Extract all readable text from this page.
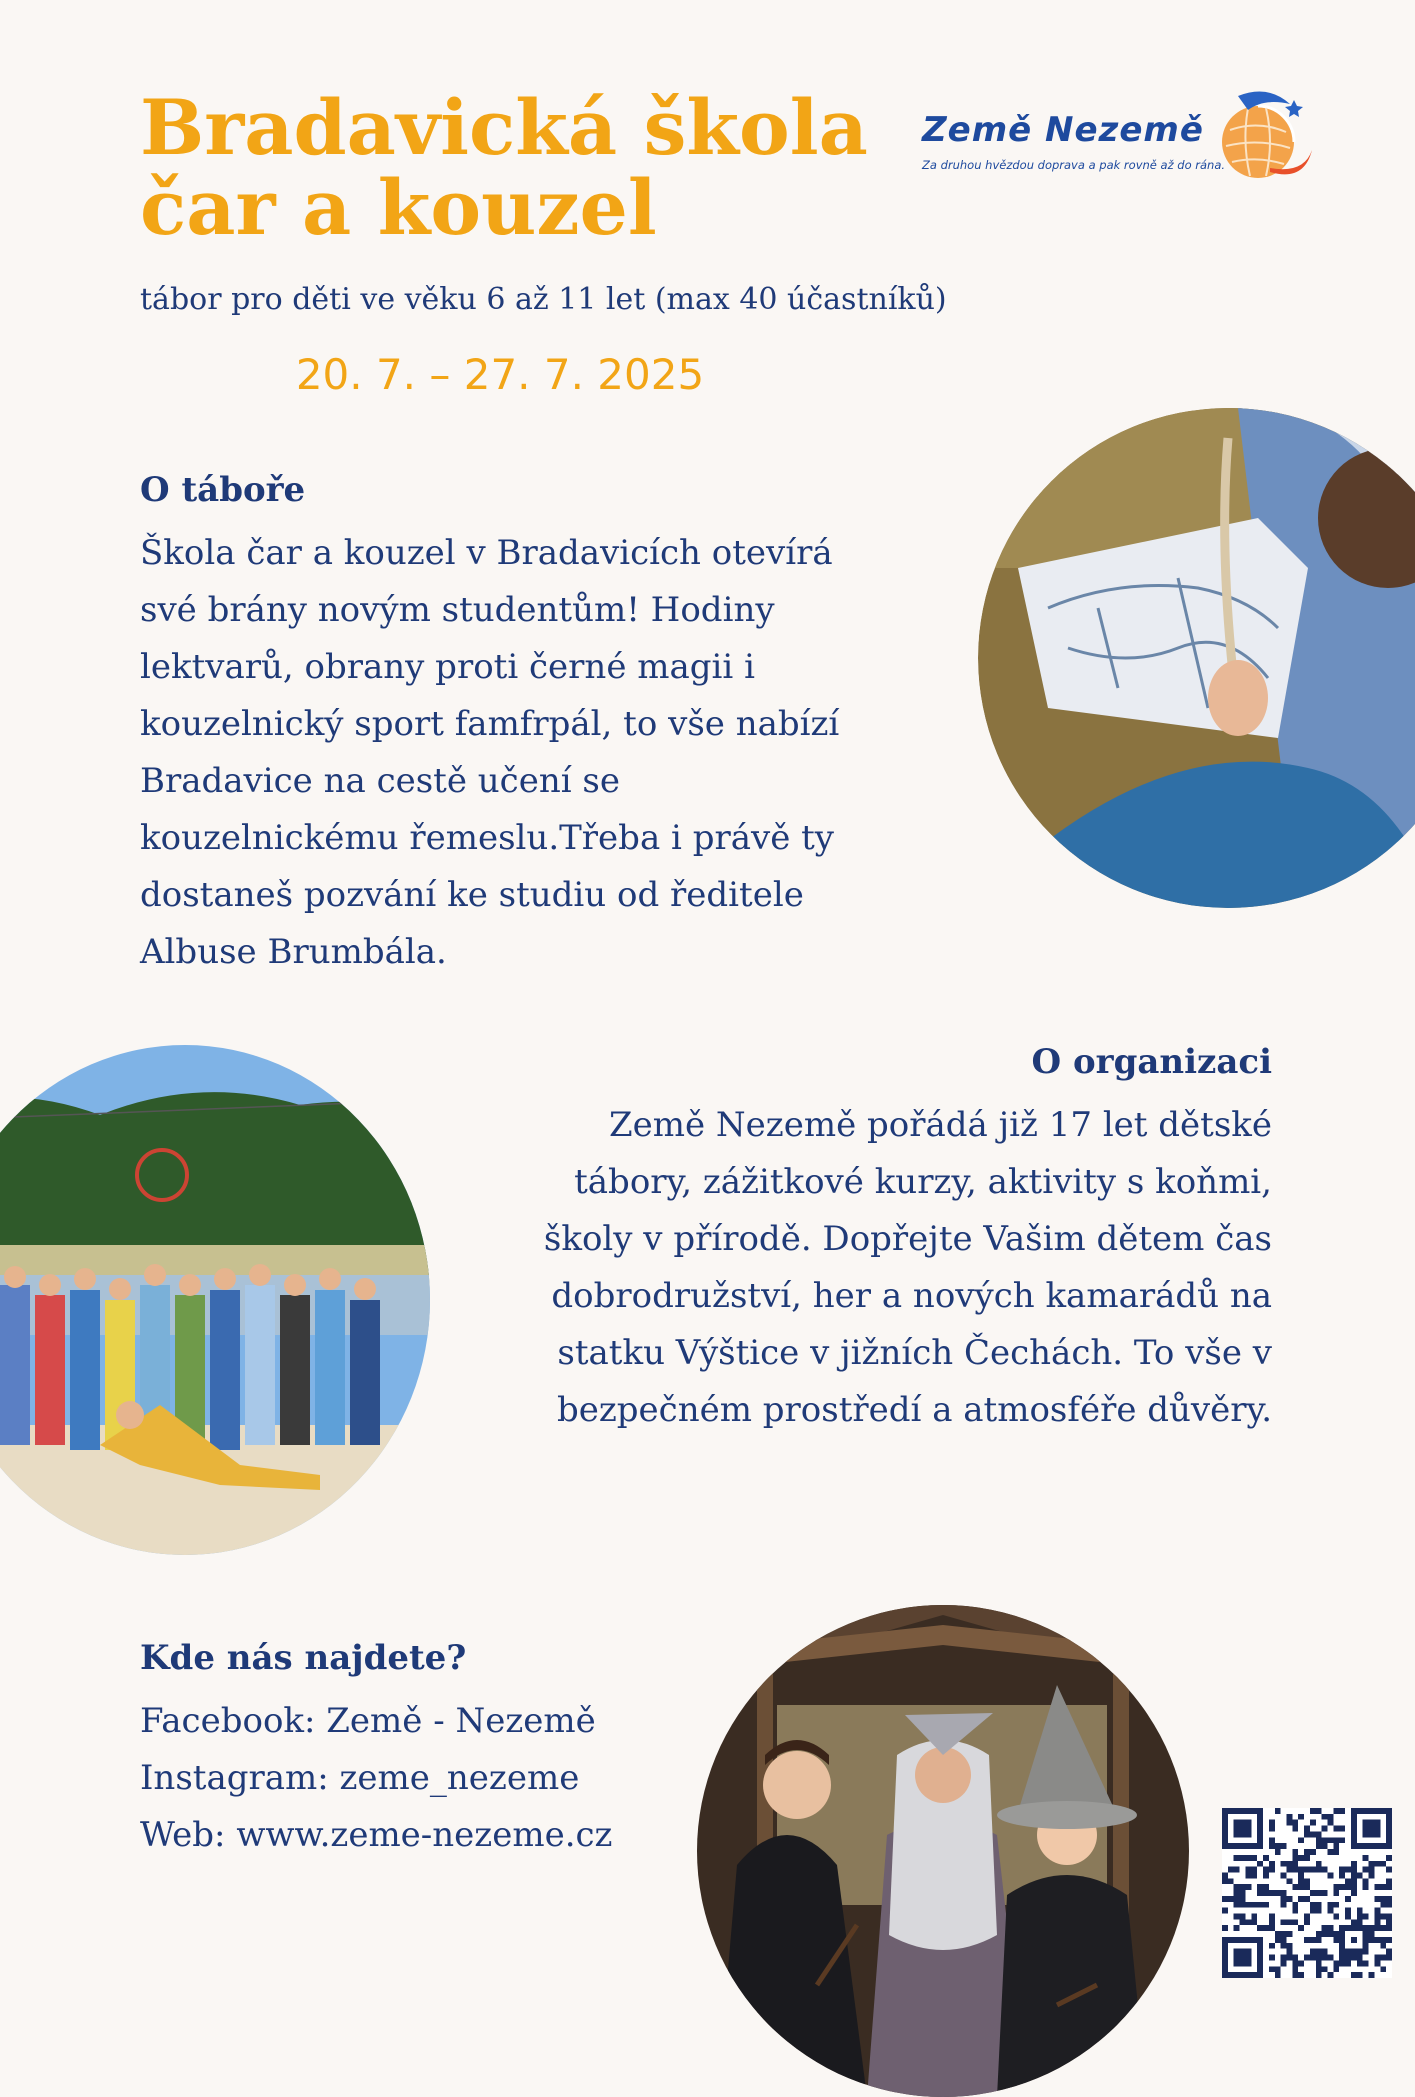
Bradavická škola
čar a kouzel
tábor pro děti ve věku 6 až 11 let (max 40 účastníků)
20. 7. – 27. 7. 2025
Země Nezemě
Za druhou hvězdou doprava a pak rovně až do rána.
O táboře
Škola čar a kouzel v Bradavicích otevírá
své brány novým studentům! Hodiny
lektvarů, obrany proti černé magii i
kouzelnický sport famfrpál, to vše nabízí
Bradavice na cestě učení se
kouzelnickému řemeslu.Třeba i právě ty
dostaneš pozvání ke studiu od ředitele
Albuse Brumbála.
O organizaci
Země Nezemě pořádá již 17 let dětské
tábory, zážitkové kurzy, aktivity s koňmi,
školy v přírodě. Dopřejte Vašim dětem čas
dobrodružství, her a nových kamarádů na
statku Výštice v jižních Čechách. To vše v
bezpečném prostředí a atmosféře důvěry.
Kde nás najdete?
Facebook: Země - Nezemě
Instagram: zeme_nezeme
Web: www.zeme-nezeme.cz
